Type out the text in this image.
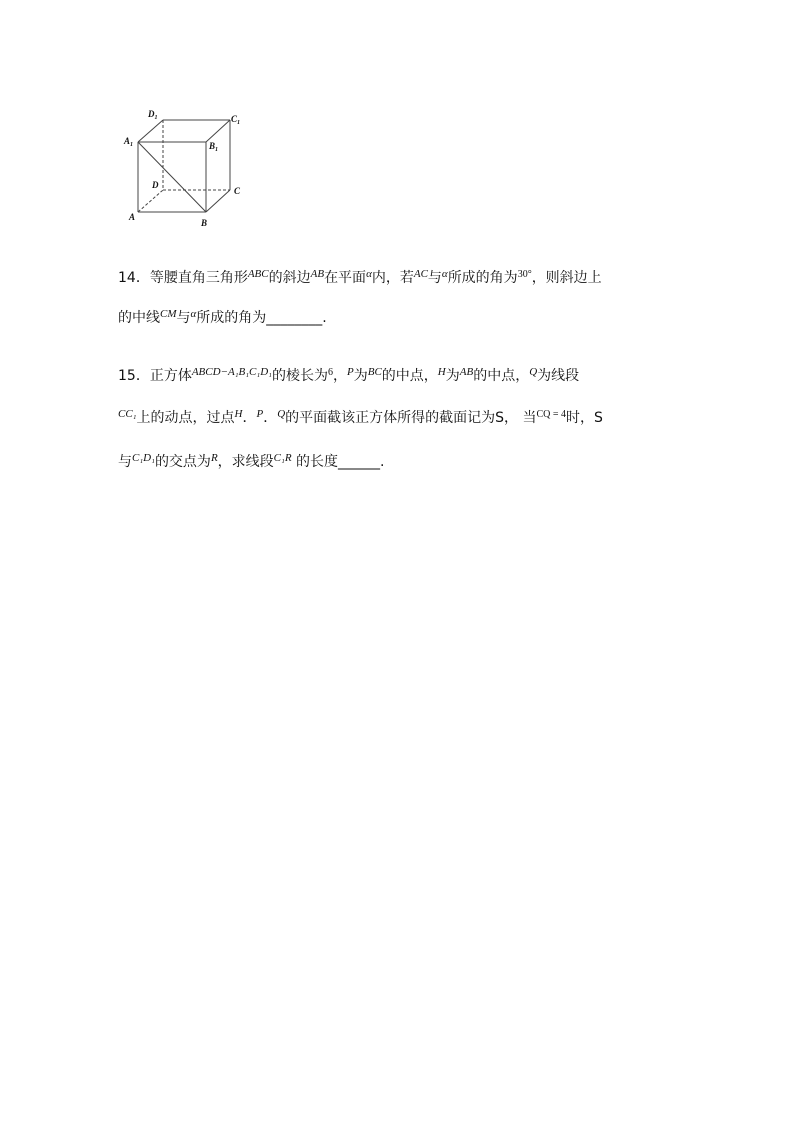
$D_1$	$C_1$
$A_1$	$B_1$
D
C
A
B
14．等腰直角三角形$^{ABC}$的斜边$^{AB}$在平面$^\alpha$内，若$^{AC}$与$^\alpha$所成的角为$^{30^\circ}$，则斜边上
的中线$^{CM}$与$^\alpha$所成的角为________.
15．正方体$^{ABCD-A_1B_1C_1D_1}$的棱长为$^6$，$^P$为$^{BC}$的中点，$^H$为$^{AB}$的中点，$^Q$为线段
$^{CC_1}$上的动点，过点$^H$．$^P$．$^Q$的平面截该正方体所得的截面记为S， 当$^{CQ = 4}$时，S
与$^{C_1D_1}$的交点为$^R$，求线段$^{C_1R}$ 的长度______.
